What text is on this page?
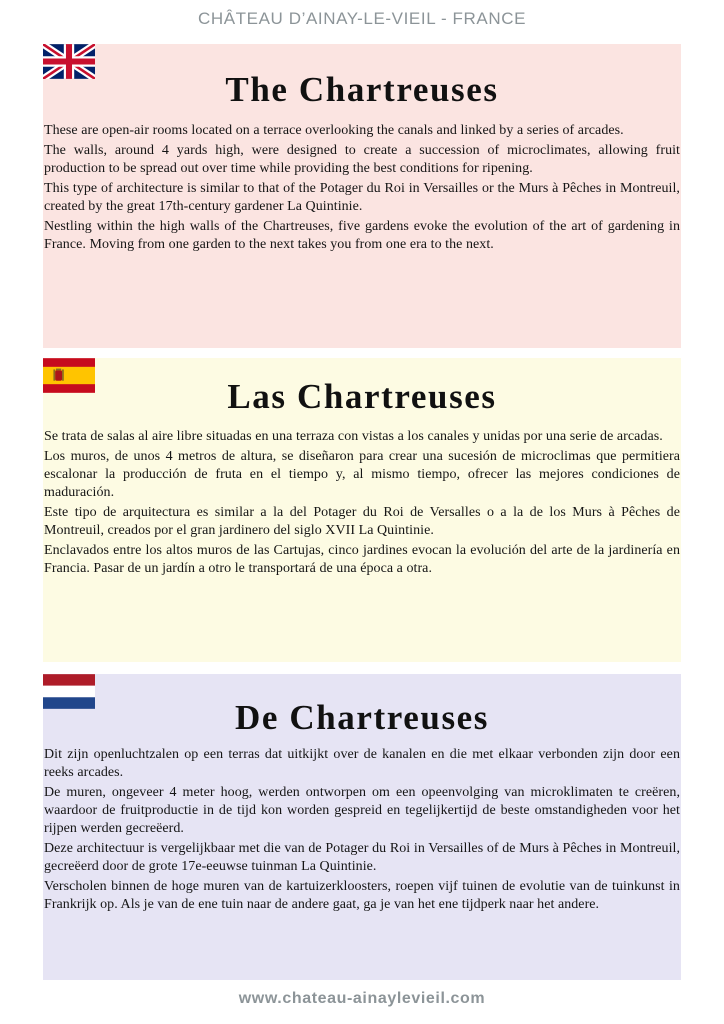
CHÂTEAU D’AINAY-LE-VIEIL - FRANCE
The Chartreuses

These are open-air rooms located on a terrace overlooking the canals and linked by a series of arcades.

The walls, around 4 yards high, were designed to create a succession of microclimates, allowing fruit production to be spread out over time while providing the best conditions for ripening.

This type of architecture is similar to that of the Potager du Roi in Versailles or the Murs à Pêches in Montreuil, created by the great 17th-century gardener La Quintinie.

Nestling within the high walls of the Chartreuses, five gardens evoke the evolution of the art of gardening in France. Moving from one garden to the next takes you from one era to the next.

Las Chartreuses

Se trata de salas al aire libre situadas en una terraza con vistas a los canales y unidas por una serie de arcadas.

Los muros, de unos 4 metros de altura, se diseñaron para crear una sucesión de microclimas que permitiera escalonar la producción de fruta en el tiempo y, al mismo tiempo, ofrecer las mejores condiciones de maduración.

Este tipo de arquitectura es similar a la del Potager du Roi de Versalles o a la de los Murs à Pêches de Montreuil, creados por el gran jardinero del siglo XVII La Quintinie.

Enclavados entre los altos muros de las Cartujas, cinco jardines evocan la evolución del arte de la jardinería en Francia. Pasar de un jardín a otro le transportará de una época a otra.

De Chartreuses

Dit zijn openluchtzalen op een terras dat uitkijkt over de kanalen en die met elkaar verbonden zijn door een reeks arcades.

De muren, ongeveer 4 meter hoog, werden ontworpen om een opeenvolging van microklimaten te creëren, waardoor de fruitproductie in de tijd kon worden gespreid en tegelijkertijd de beste omstandigheden voor het rijpen werden gecreëerd.

Deze architectuur is vergelijkbaar met die van de Potager du Roi in Versailles of de Murs à Pêches in Montreuil, gecreëerd door de grote 17e-eeuwse tuinman La Quintinie.

Verscholen binnen de hoge muren van de kartuizerkloosters, roepen vijf tuinen de evolutie van de tuinkunst in Frankrijk op. Als je van de ene tuin naar de andere gaat, ga je van het ene tijdperk naar het andere.

www.chateau-ainaylevieil.com
